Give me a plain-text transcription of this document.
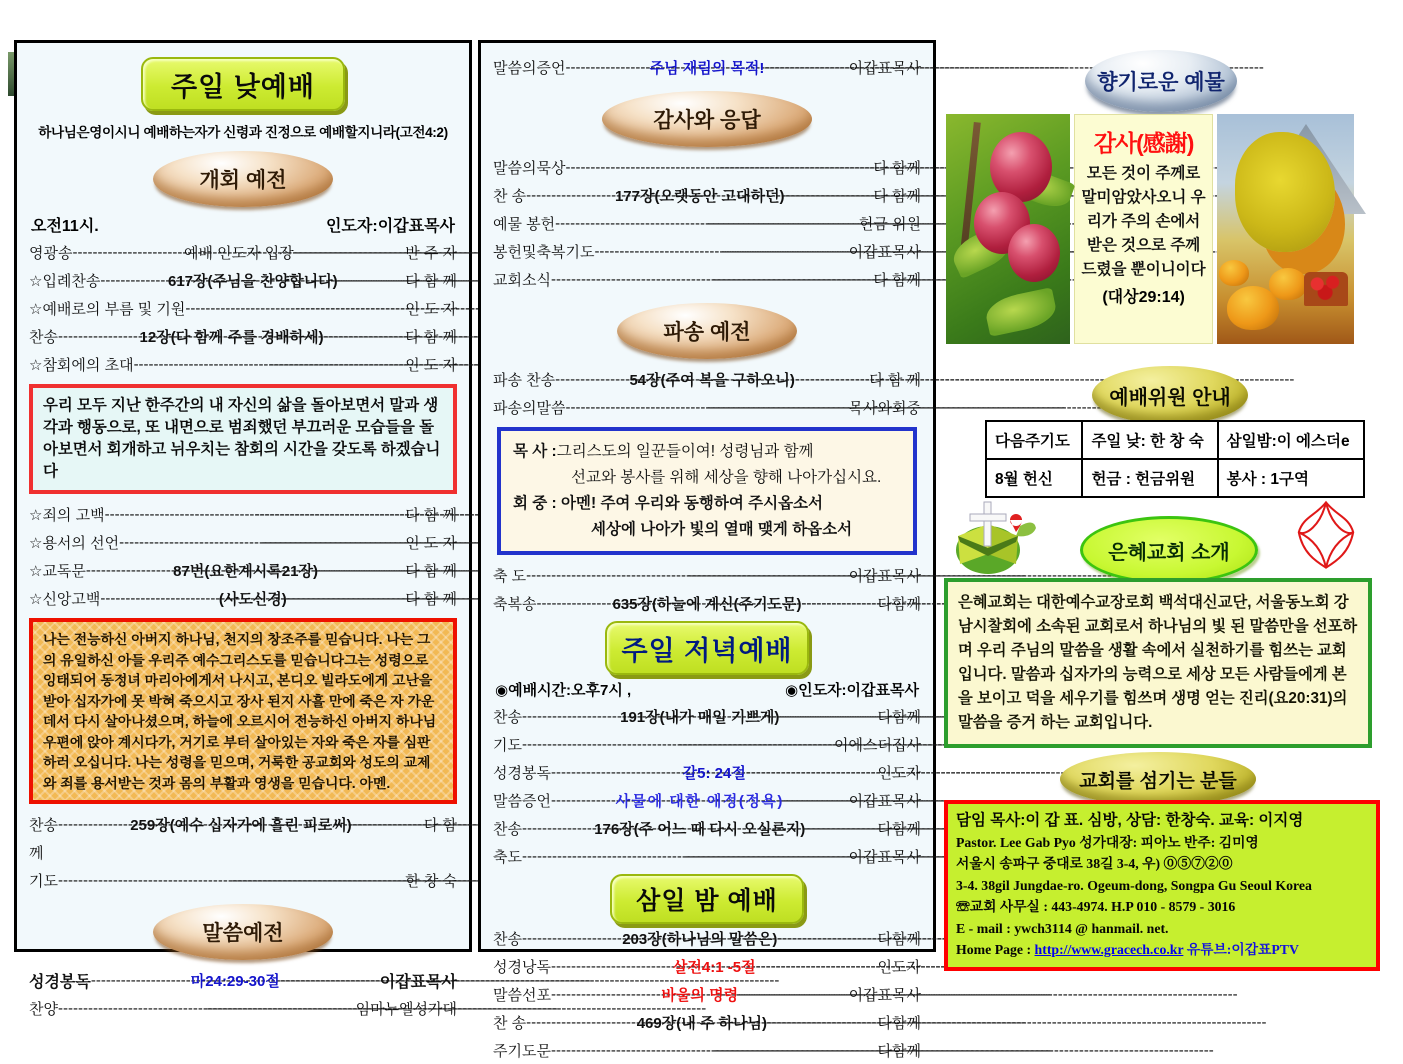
주일 낮예배
하나님은영이시니 예배하는자가 신령과 진정으로 예배할지니라(고전4:2)
개회 예전
오전11시.	인도자:이갑표목사
영광송 -----	예배 인도자 입장 -----	반 주 자
☆입례찬송 -----	617장(주님을 찬양합니다) -----	다 함 께
☆예배로의 부름 및 기원 ----- -----	인 도 자
찬송 -----	12장(다 함께 주를 경배하세) -----	다 함 께
☆참회에의 초대 ----- -----	인 도 자
우리 모두 지난 한주간의 내 자신의 삶을 돌아보면서 말과 생각과 행동으로, 또 내면으로 범죄했던 부끄러운 모습들을 돌아보면서 회개하고 뉘우치는 참회의 시간을 갖도록 하겠습니다
☆죄의 고백 ----- -----	다 함 께
☆용서의 선언 ----- -----	인 도 자
☆교독문 -----	87번(요한계시록21장) -----	다 함 께
☆신앙고백 -----	(사도신경) -----	다 함 께
나는 전능하신 아버지 하나님, 천지의 창조주를 믿습니다. 나는 그의 유일하신 아들 우리주 예수그리스도를 믿습니다그는 성령으로 잉태되어 동정녀 마리아에게서 나시고, 본디오 빌라도에게 고난을 받아 십자가에 못 박혀 죽으시고 장사 된지 사흘 만에 죽은 자 가운데서 다시 살아나셨으며, 하늘에 오르시어 전능하신 아버지 하나님 우편에 앉아 계시다가, 거기로 부터 살아있는 자와 죽은 자를 심판하러 오십니다. 나는 성령을 믿으며, 거룩한 공교회와 성도의 교제와 죄를 용서받는 것과 몸의 부활과 영생을 믿습니다. 아멘.
찬송 -----	259장(예수 십자가에 흘린 피로써) -----	다 함
께
기도 ----- -----	한 창 숙
말씀예전
성경봉독 -----	마24:29-30절 -----	이갑표목사
찬양 ----- -----	임마누엘성가대
말씀의증언 -----	주님 재림의 목적! -----	이갑표목사
감사와 응답
말씀의묵상 ----- -----	다 함께
찬 송 -----	177장(오랫동안 고대하던) -----	다 함께
예물 봉헌 ----- -----	헌금 위원
봉헌및축복기도 ----- -----	이갑표목사
교회소식 ----- -----	다 함께
파송 예전
파송 찬송 -----	54장(주여 복을 구하오니) -----	다 함 께
파송의말씀 ----- -----	목사와회중
목 사 :그리스도의 일꾼들이여! 성령님과 함께
선교와 봉사를 위해 세상을 향해 나아가십시요.
회 중 : 아멘! 주여 우리와 동행하여 주시옵소서
세상에 나아가 빛의 열매 맺게 하옵소서
축 도 ----- -----	이갑표목사
축복송 -----	635장(하늘에 계신(주기도문) -----	다함께
주일 저녁예배
◉예배시간:오후7시 ,	◉인도자:이갑표목사
찬송 -----	191장(내가 매일 기쁘게) -----	다함께
기도 ----- -----	이에스더집사
성경봉독 -----	갈5: 24절 -----	인도자
말씀증언 -----	사물에 대한 애정(정욕) -----	이갑표목사
찬송 -----	176장(주 어느 때 다시 오실른지) -----	다함께
축도 ----- -----	이갑표목사
삼일 밤 예배
찬송 -----	203장(하나님의 말씀은) -----	다함께
성경낭독 -----	살전4:1 -5절 -----	인도자
말씀선포 -----	바울의 명령 -----	이갑표목사
찬 송 -----	469장(내 주 하나님) -----	다함께
주기도문 ----- -----	다함께
향기로운 예물
감사(感謝)
모든 것이 주께로 말미암았사오니 우리가 주의 손에서 받은 것으로 주께 드렸을 뿐이니이다
(대상29:14)
예배위원 안내
다음주기도	주일 낮: 한 창 숙	삼일밤:이 에스더e
8월 헌신	헌금 : 헌금위원	봉사 : 1구역
은혜교회 소개
은혜교회는 대한예수교장로회 백석대신교단, 서울동노회 강남시찰회에 소속된 교회로서 하나님의 빛 된 말씀만을 선포하며 우리 주님의 말씀을 생활 속에서 실천하기를 힘쓰는 교회입니다. 말씀과 십자가의 능력으로 세상 모든 사람들에게 본을 보이고 덕을 세우기를 힘쓰며 생명 얻는 진리(요20:31)의 말씀을 증거 하는 교회입니다.
교회를 섬기는 분들
담임 목사:이 갑 표. 심방, 상담: 한창숙. 교육: 이지영
Pastor. Lee Gab Pyo 성가대장: 피아노 반주: 김미영
서울시 송파구 중대로 38길 3-4, 우) ⓪⑤⑦②⓪
3-4. 38gil Jungdae-ro. Ogeum-dong, Songpa Gu Seoul Korea
☏교회 사무실 : 443-4974. H.P 010 - 8579 - 3016
E - mail : ywch3114 @ hanmail. net.
Home Page : http://www.gracech.co.kr 유튜브:이갑표PTV
